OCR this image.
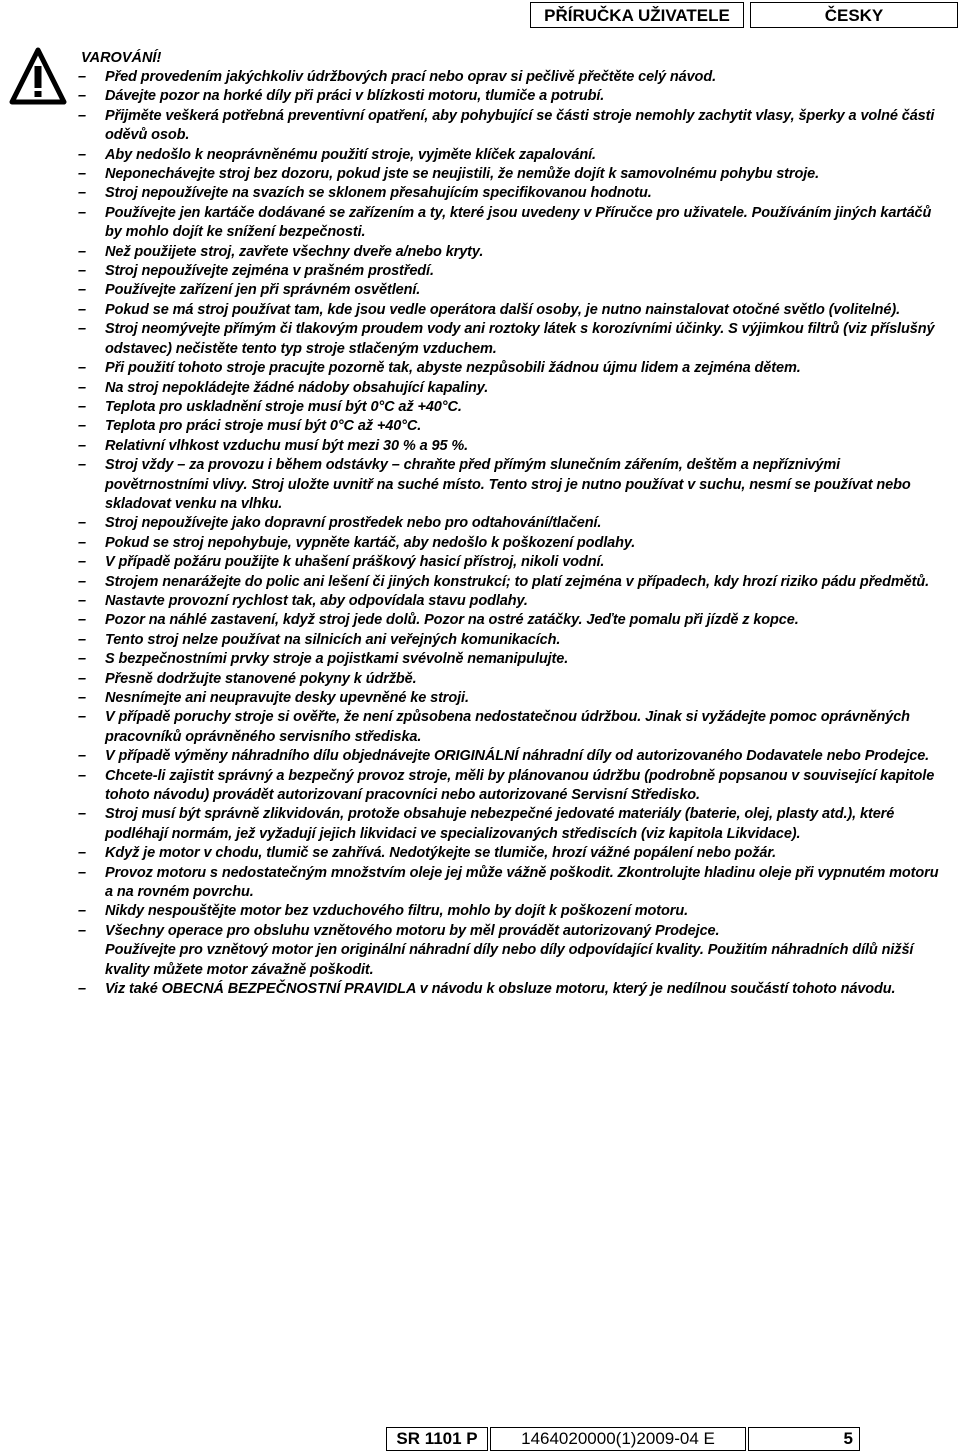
PŘÍRUČKA UŽIVATELE	ČESKY
VAROVÁNÍ!
–	Před provedením jakýchkoliv údržbových prací nebo oprav si pečlivě přečtěte celý návod.
–	Dávejte pozor na horké díly při práci v blízkosti motoru, tlumiče a potrubí.
–	Přijměte veškerá potřebná preventivní opatření, aby pohybující se části stroje nemohly zachytit vlasy, šperky a volné části oděvů osob.
–	Aby nedošlo k neoprávněnému použití stroje, vyjměte klíček zapalování.
–	Neponechávejte stroj bez dozoru, pokud jste se neujistili, že nemůže dojít k samovolnému pohybu stroje.
–	Stroj nepoužívejte na svazích se sklonem přesahujícím specifikovanou hodnotu.
–	Používejte jen kartáče dodávané se zařízením a ty, které jsou uvedeny v Příručce pro uživatele. Používáním jiných kartáčů by mohlo dojít ke snížení bezpečnosti.
–	Než použijete stroj, zavřete všechny dveře a/nebo kryty.
–	Stroj nepoužívejte zejména v prašném prostředí.
–	Používejte zařízení jen při správném osvětlení.
–	Pokud se má stroj používat tam, kde jsou vedle operátora další osoby, je nutno nainstalovat otočné světlo (volitelné).
–	Stroj neomývejte přímým či tlakovým proudem vody ani roztoky látek s korozívními účinky. S výjimkou filtrů (viz příslušný odstavec) nečistěte tento typ stroje stlačeným vzduchem.
–	Při použití tohoto stroje pracujte pozorně tak, abyste nezpůsobili žádnou újmu lidem a zejména dětem.
–	Na stroj nepokládejte žádné nádoby obsahující kapaliny.
–	Teplota pro uskladnění stroje musí být 0°C až +40°C.
–	Teplota pro práci stroje musí být 0°C až +40°C.
–	Relativní vlhkost vzduchu musí být mezi 30 % a 95 %.
–	Stroj vždy – za provozu i během odstávky – chraňte před přímým slunečním zářením, deštěm a nepříznivými povětrnostními vlivy. Stroj uložte uvnitř na suché místo. Tento stroj je nutno používat v suchu, nesmí se používat nebo skladovat venku na vlhku.
–	Stroj nepoužívejte jako dopravní prostředek nebo pro odtahování/tlačení.
–	Pokud se stroj nepohybuje, vypněte kartáč, aby nedošlo k poškození podlahy.
–	V případě požáru použijte k uhašení práškový hasicí přístroj, nikoli vodní.
–	Strojem nenarážejte do polic ani lešení či jiných konstrukcí; to platí zejména v případech, kdy hrozí riziko pádu předmětů.
–	Nastavte provozní rychlost tak, aby odpovídala stavu podlahy.
–	Pozor na náhlé zastavení, když stroj jede dolů. Pozor na ostré zatáčky. Jeďte pomalu při jízdě z kopce.
–	Tento stroj nelze používat na silnicích ani veřejných komunikacích.
–	S bezpečnostními prvky stroje a pojistkami svévolně nemanipulujte.
–	Přesně dodržujte stanovené pokyny k údržbě.
–	Nesnímejte ani neupravujte desky upevněné ke stroji.
–	V případě poruchy stroje si ověřte, že není způsobena nedostatečnou údržbou. Jinak si vyžádejte pomoc oprávněných pracovníků oprávněného servisního střediska.
–	V případě výměny náhradního dílu objednávejte ORIGINÁLNÍ náhradní díly od autorizovaného Dodavatele nebo Prodejce.
–	Chcete-li zajistit správný a bezpečný provoz stroje, měli by plánovanou údržbu (podrobně popsanou v související kapitole tohoto návodu) provádět autorizovaní pracovníci nebo autorizované Servisní Středisko.
–	Stroj musí být správně zlikvidován, protože obsahuje nebezpečné jedovaté materiály (baterie, olej, plasty atd.), které podléhají normám, jež vyžadují jejich likvidaci ve specializovaných střediscích (viz kapitola Likvidace).
–	Když je motor v chodu, tlumič se zahřívá. Nedotýkejte se tlumiče, hrozí vážné popálení nebo požár.
–	Provoz motoru s nedostatečným množstvím oleje jej může vážně poškodit. Zkontrolujte hladinu oleje při vypnutém motoru a na rovném povrchu.
–	Nikdy nespouštějte motor bez vzduchového filtru, mohlo by dojít k poškození motoru.
–	Všechny operace pro obsluhu vznětového motoru by měl provádět autorizovaný Prodejce.
Používejte pro vznětový motor jen originální náhradní díly nebo díly odpovídající kvality. Použitím náhradních dílů nižší kvality můžete motor závažně poškodit.
–	Viz také OBECNÁ BEZPEČNOSTNÍ PRAVIDLA v návodu k obsluze motoru, který je nedílnou součástí tohoto návodu.
SR 1101 P	1464020000(1)2009-04 E	5
